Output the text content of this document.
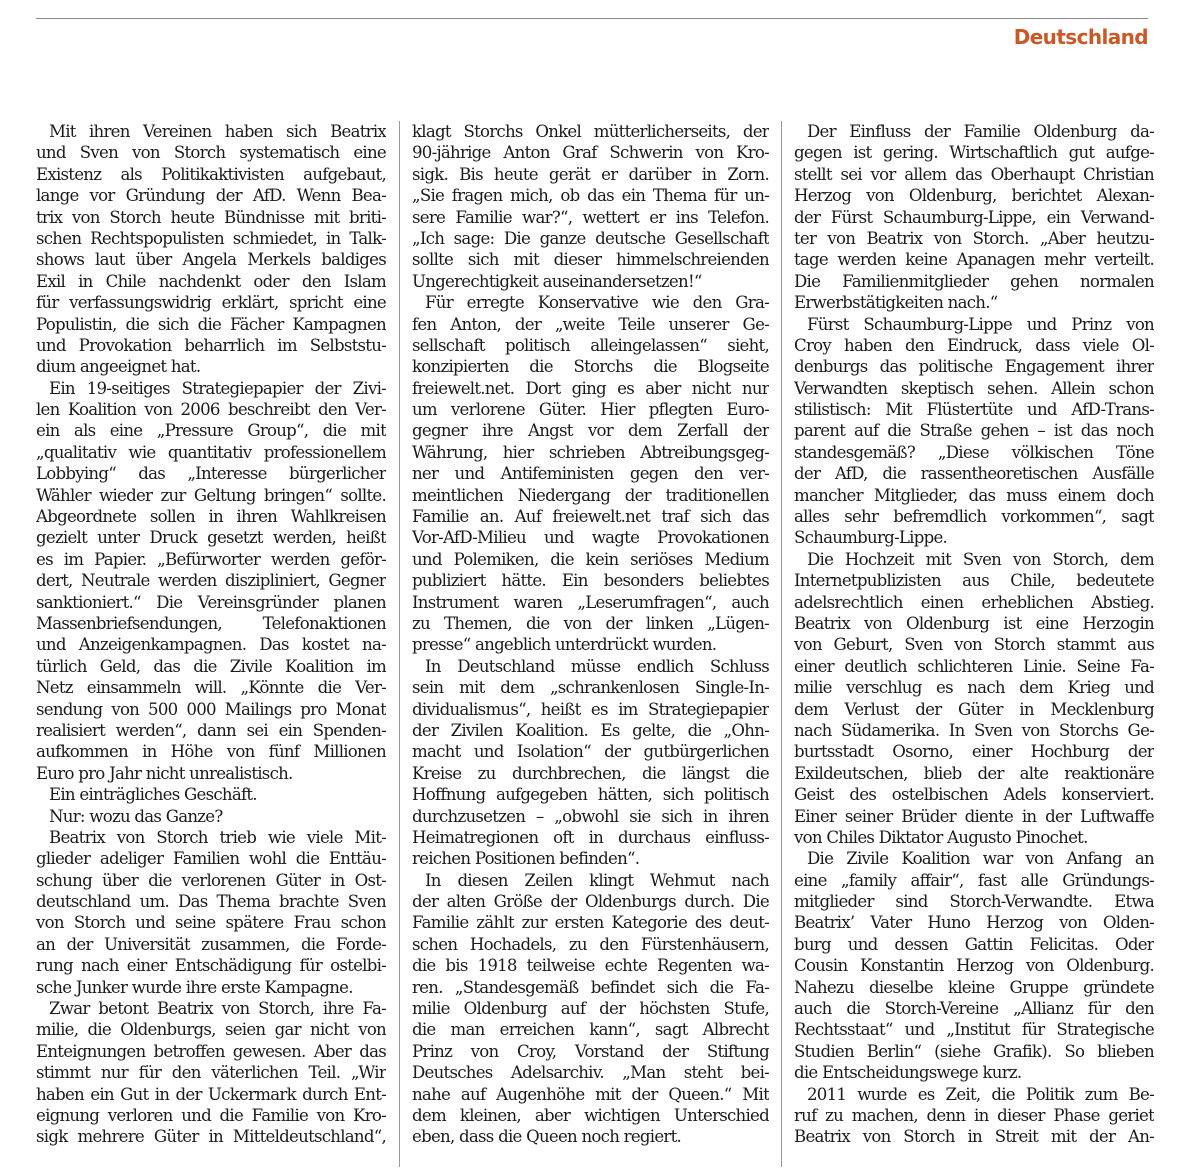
Deutschland
Mit ihren Vereinen haben sich Beatrix
und Sven von Storch systematisch eine
Existenz als Politikaktivisten aufgebaut,
lange vor Gründung der AfD. Wenn Bea-
trix von Storch heute Bündnisse mit briti-
schen Rechtspopulisten schmiedet, in Talk-
shows laut über Angela Merkels baldiges
Exil in Chile nachdenkt oder den Islam
für verfassungswidrig erklärt, spricht eine
Populistin, die sich die Fächer Kampagnen
und Provokation beharrlich im Selbststu-
dium angeeignet hat.
Ein 19-seitiges Strategiepapier der Zivi-
len Koalition von 2006 beschreibt den Ver-
ein als eine „Pressure Group“, die mit
„qualitativ wie quantitativ professionellem
Lobbying“ das „Interesse bürgerlicher
Wähler wieder zur Geltung bringen“ sollte.
Abgeordnete sollen in ihren Wahlkreisen
gezielt unter Druck gesetzt werden, heißt
es im Papier. „Befürworter werden geför-
dert, Neutrale werden diszipliniert, Gegner
sanktioniert.“ Die Vereinsgründer planen
Massenbriefsendungen, Telefonaktionen
und Anzeigenkampagnen. Das kostet na-
türlich Geld, das die Zivile Koalition im
Netz einsammeln will. „Könnte die Ver-
sendung von 500 000 Mailings pro Monat
realisiert werden“, dann sei ein Spenden-
aufkommen in Höhe von fünf Millionen
Euro pro Jahr nicht unrealistisch.
Ein einträgliches Geschäft.
Nur: wozu das Ganze?
Beatrix von Storch trieb wie viele Mit-
glieder adeliger Familien wohl die Enttäu-
schung über die verlorenen Güter in Ost-
deutschland um. Das Thema brachte Sven
von Storch und seine spätere Frau schon
an der Universität zusammen, die Forde-
rung nach einer Entschädigung für ostelbi-
sche Junker wurde ihre erste Kampagne.
Zwar betont Beatrix von Storch, ihre Fa-
milie, die Oldenburgs, seien gar nicht von
Enteignungen betroffen gewesen. Aber das
stimmt nur für den väterlichen Teil. „Wir
haben ein Gut in der Uckermark durch Ent-
eignung verloren und die Familie von Kro-
sigk mehrere Güter in Mitteldeutschland“,
klagt Storchs Onkel mütterlicherseits, der
90-jährige Anton Graf Schwerin von Kro-
sigk. Bis heute gerät er darüber in Zorn.
„Sie fragen mich, ob das ein Thema für un-
sere Familie war?“, wettert er ins Telefon.
„Ich sage: Die ganze deutsche Gesellschaft
sollte sich mit dieser himmelschreienden
Ungerechtigkeit auseinandersetzen!“
Für erregte Konservative wie den Gra-
fen Anton, der „weite Teile unserer Ge-
sellschaft politisch alleingelassen“ sieht,
konzipierten die Storchs die Blogseite
freiewelt.net. Dort ging es aber nicht nur
um verlorene Güter. Hier pflegten Euro-
gegner ihre Angst vor dem Zerfall der
Währung, hier schrieben Abtreibungsgeg-
ner und Antifeministen gegen den ver-
meintlichen Niedergang der traditionellen
Familie an. Auf freiewelt.net traf sich das
Vor-AfD-Milieu und wagte Provokationen
und Polemiken, die kein seriöses Medium
publiziert hätte. Ein besonders beliebtes
Instrument waren „Leserumfragen“, auch
zu Themen, die von der linken „Lügen-
presse“ angeblich unterdrückt wurden.
In Deutschland müsse endlich Schluss
sein mit dem „schrankenlosen Single-In-
dividualismus“, heißt es im Strategiepapier
der Zivilen Koalition. Es gelte, die „Ohn-
macht und Isolation“ der gutbürgerlichen
Kreise zu durchbrechen, die längst die
Hoffnung aufgegeben hätten, sich politisch
durchzusetzen – „obwohl sie sich in ihren
Heimatregionen oft in durchaus einfluss-
reichen Positionen befinden“.
In diesen Zeilen klingt Wehmut nach
der alten Größe der Oldenburgs durch. Die
Familie zählt zur ersten Kategorie des deut-
schen Hochadels, zu den Fürstenhäusern,
die bis 1918 teilweise echte Regenten wa-
ren. „Standesgemäß befindet sich die Fa-
milie Oldenburg auf der höchsten Stufe,
die man erreichen kann“, sagt Albrecht
Prinz von Croy, Vorstand der Stiftung
Deutsches Adelsarchiv. „Man steht bei-
nahe auf Augenhöhe mit der Queen.“ Mit
dem kleinen, aber wichtigen Unterschied
eben, dass die Queen noch regiert.
Der Einfluss der Familie Oldenburg da-
gegen ist gering. Wirtschaftlich gut aufge-
stellt sei vor allem das Oberhaupt Christian
Herzog von Oldenburg, berichtet Alexan-
der Fürst Schaumburg-Lippe, ein Verwand-
ter von Beatrix von Storch. „Aber heutzu-
tage werden keine Apanagen mehr verteilt.
Die Familienmitglieder gehen normalen
Erwerbstätigkeiten nach.“
Fürst Schaumburg-Lippe und Prinz von
Croy haben den Eindruck, dass viele Ol-
denburgs das politische Engagement ihrer
Verwandten skeptisch sehen. Allein schon
stilistisch: Mit Flüstertüte und AfD-Trans-
parent auf die Straße gehen – ist das noch
standesgemäß? „Diese völkischen Töne
der AfD, die rassentheoretischen Ausfälle
mancher Mitglieder, das muss einem doch
alles sehr befremdlich vorkommen“, sagt
Schaumburg-Lippe.
Die Hochzeit mit Sven von Storch, dem
Internetpublizisten aus Chile, bedeutete
adelsrechtlich einen erheblichen Abstieg.
Beatrix von Oldenburg ist eine Herzogin
von Geburt, Sven von Storch stammt aus
einer deutlich schlichteren Linie. Seine Fa-
milie verschlug es nach dem Krieg und
dem Verlust der Güter in Mecklenburg
nach Südamerika. In Sven von Storchs Ge-
burtsstadt Osorno, einer Hochburg der
Exildeutschen, blieb der alte reaktionäre
Geist des ostelbischen Adels konserviert.
Einer seiner Brüder diente in der Luftwaffe
von Chiles Diktator Augusto Pinochet.
Die Zivile Koalition war von Anfang an
eine „family affair“, fast alle Gründungs-
mitglieder sind Storch-Verwandte. Etwa
Beatrix’ Vater Huno Herzog von Olden-
burg und dessen Gattin Felicitas. Oder
Cousin Konstantin Herzog von Oldenburg.
Nahezu dieselbe kleine Gruppe gründete
auch die Storch-Vereine „Allianz für den
Rechtsstaat“ und „Institut für Strategische
Studien Berlin“ (siehe Grafik). So blieben
die Entscheidungswege kurz.
2011 wurde es Zeit, die Politik zum Be-
ruf zu machen, denn in dieser Phase geriet
Beatrix von Storch in Streit mit der An-
